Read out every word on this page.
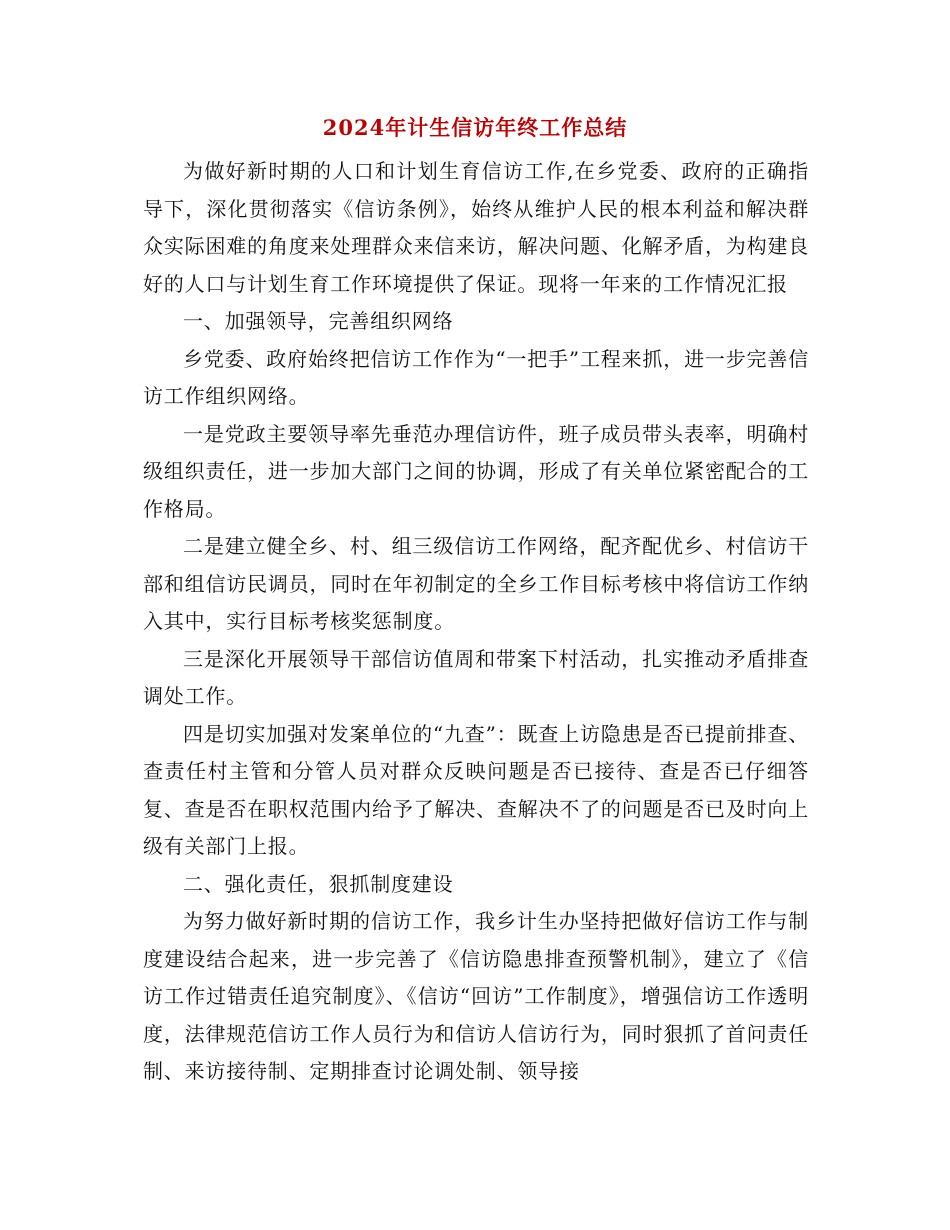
2024年计生信访年终工作总结

为做好新时期的人口和计划生育信访工作,在乡党委、政府的正确指导下，深化贯彻落实《信访条例》，始终从维护人民的根本利益和解决群众实际困难的角度来处理群众来信来访，解决问题、化解矛盾，为构建良好的人口与计划生育工作环境提供了保证。现将一年来的工作情况汇报

一、加强领导，完善组织网络

乡党委、政府始终把信访工作作为“一把手”工程来抓，进一步完善信访工作组织网络。

一是党政主要领导率先垂范办理信访件，班子成员带头表率，明确村级组织责任，进一步加大部门之间的协调，形成了有关单位紧密配合的工作格局。

二是建立健全乡、村、组三级信访工作网络，配齐配优乡、村信访干部和组信访民调员，同时在年初制定的全乡工作目标考核中将信访工作纳入其中，实行目标考核奖惩制度。

三是深化开展领导干部信访值周和带案下村活动，扎实推动矛盾排查调处工作。

四是切实加强对发案单位的“九查”：既查上访隐患是否已提前排查、查责任村主管和分管人员对群众反映问题是否已接待、查是否已仔细答复、查是否在职权范围内给予了解决、查解决不了的问题是否已及时向上级有关部门上报。

二、强化责任，狠抓制度建设

为努力做好新时期的信访工作，我乡计生办坚持把做好信访工作与制度建设结合起来，进一步完善了《信访隐患排查预警机制》，建立了《信访工作过错责任追究制度》、《信访“回访”工作制度》，增强信访工作透明度，法律规范信访工作人员行为和信访人信访行为，同时狠抓了首问责任制、来访接待制、定期排查讨论调处制、领导接
